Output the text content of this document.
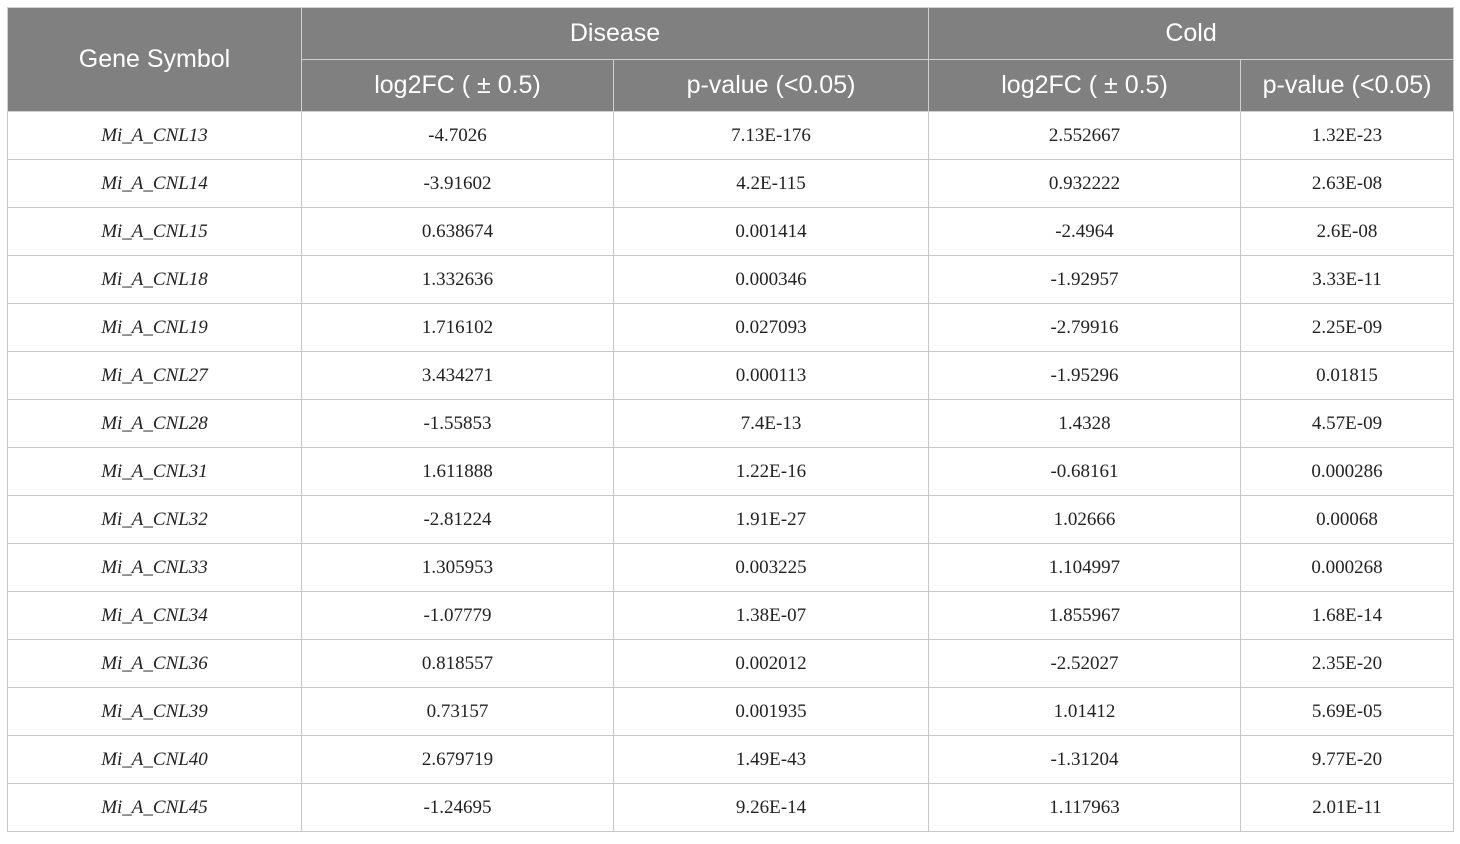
Gene Symbol	Disease		Cold	
	log2FC ( ± 0.5)	p-value (<0.05)	log2FC ( ± 0.5)	p-value (<0.05)
Mi_A_CNL13	-4.7026	7.13E-176	2.552667	1.32E-23
Mi_A_CNL14	-3.91602	4.2E-115	0.932222	2.63E-08
Mi_A_CNL15	0.638674	0.001414	-2.4964	2.6E-08
Mi_A_CNL18	1.332636	0.000346	-1.92957	3.33E-11
Mi_A_CNL19	1.716102	0.027093	-2.79916	2.25E-09
Mi_A_CNL27	3.434271	0.000113	-1.95296	0.01815
Mi_A_CNL28	-1.55853	7.4E-13	1.4328	4.57E-09
Mi_A_CNL31	1.611888	1.22E-16	-0.68161	0.000286
Mi_A_CNL32	-2.81224	1.91E-27	1.02666	0.00068
Mi_A_CNL33	1.305953	0.003225	1.104997	0.000268
Mi_A_CNL34	-1.07779	1.38E-07	1.855967	1.68E-14
Mi_A_CNL36	0.818557	0.002012	-2.52027	2.35E-20
Mi_A_CNL39	0.73157	0.001935	1.01412	5.69E-05
Mi_A_CNL40	2.679719	1.49E-43	-1.31204	9.77E-20
Mi_A_CNL45	-1.24695	9.26E-14	1.117963	2.01E-11
